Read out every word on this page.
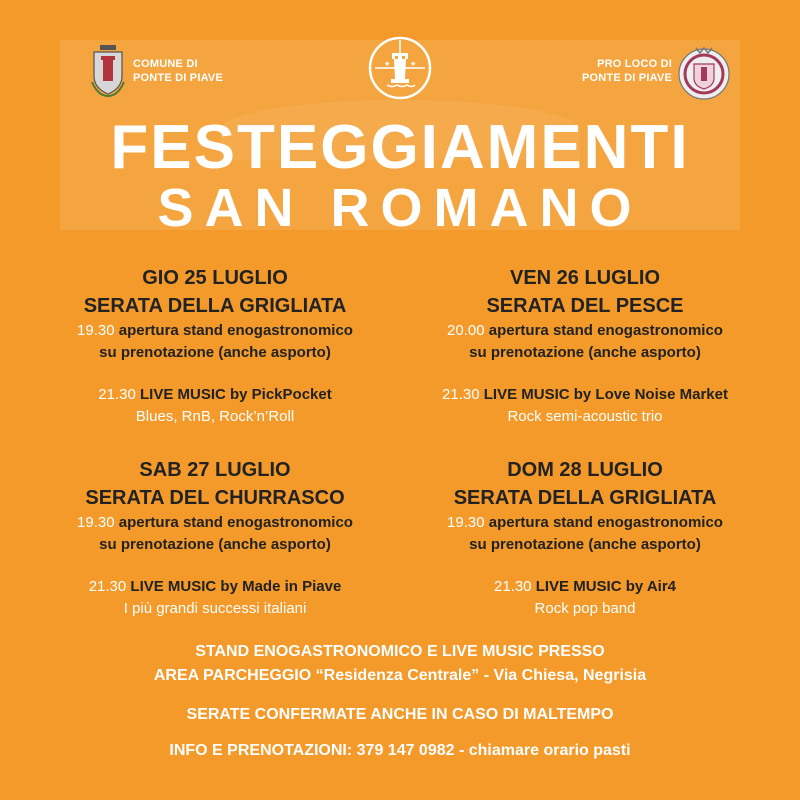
COMUNE DI
PONTE DI PIAVE
★	★	PRO LOCO DI
PONTE DI PIAVE
FESTEGGIAMENTI
SAN ROMANO
GIO 25 LUGLIO
SERATA DELLA GRIGLIATA
19.30 apertura stand enogastronomico
su prenotazione (anche asporto)
21.30 LIVE MUSIC by PickPocket
Blues, RnB, Rock’n’Roll
VEN 26 LUGLIO
SERATA DEL PESCE
20.00 apertura stand enogastronomico
su prenotazione (anche asporto)
21.30 LIVE MUSIC by Love Noise Market
Rock semi-acoustic trio
SAB 27 LUGLIO
SERATA DEL CHURRASCO
19.30 apertura stand enogastronomico
su prenotazione (anche asporto)
21.30 LIVE MUSIC by Made in Piave
I più grandi successi italiani
DOM 28 LUGLIO
SERATA DELLA GRIGLIATA
19.30 apertura stand enogastronomico
su prenotazione (anche asporto)
21.30 LIVE MUSIC by Air4
Rock pop band
STAND ENOGASTRONOMICO E LIVE MUSIC PRESSO
AREA PARCHEGGIO “Residenza Centrale” - Via Chiesa, Negrisia
SERATE CONFERMATE ANCHE IN CASO DI MALTEMPO
INFO E PRENOTAZIONI: 379 147 0982 - chiamare orario pasti
